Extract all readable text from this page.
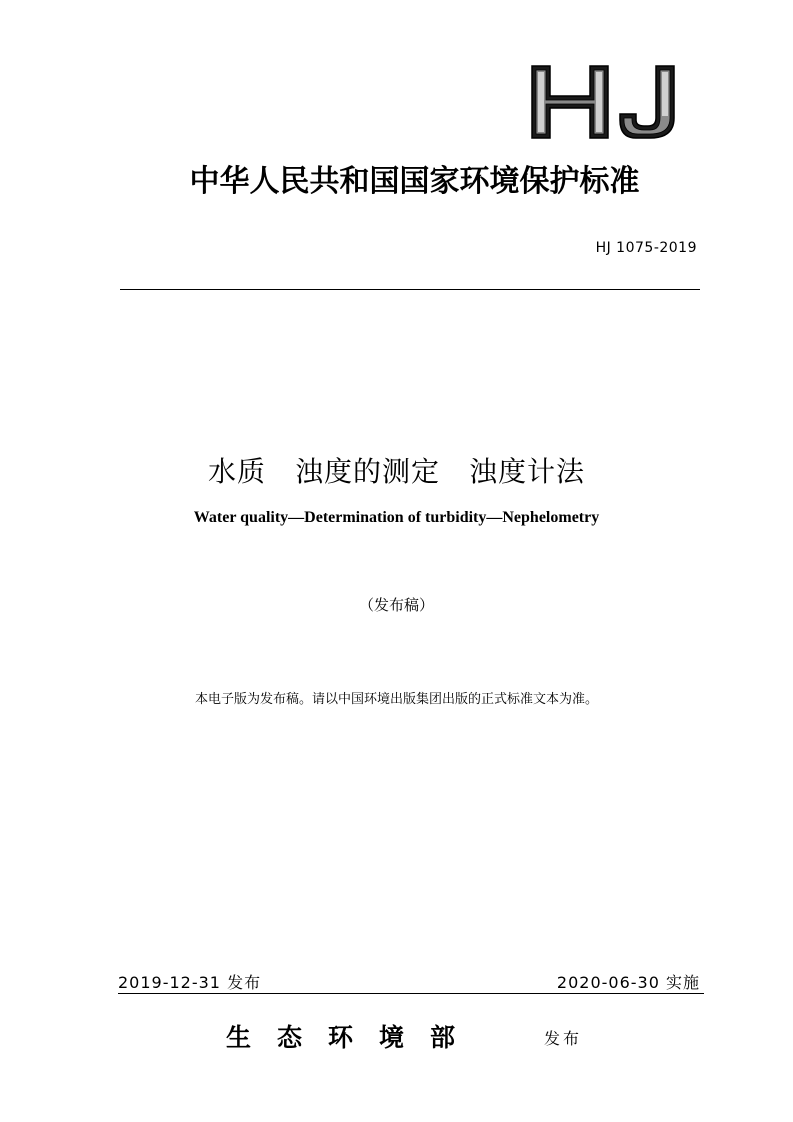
中华人民共和国国家环境保护标准
HJ 1075-2019
水质　浊度的测定　浊度计法
Water quality—Determination of turbidity—Nephelometry
（发布稿）
本电子版为发布稿。请以中国环境出版集团出版的正式标准文本为准。
2019-12-31 发布	2020-06-30 实施
生态环境部	发布
